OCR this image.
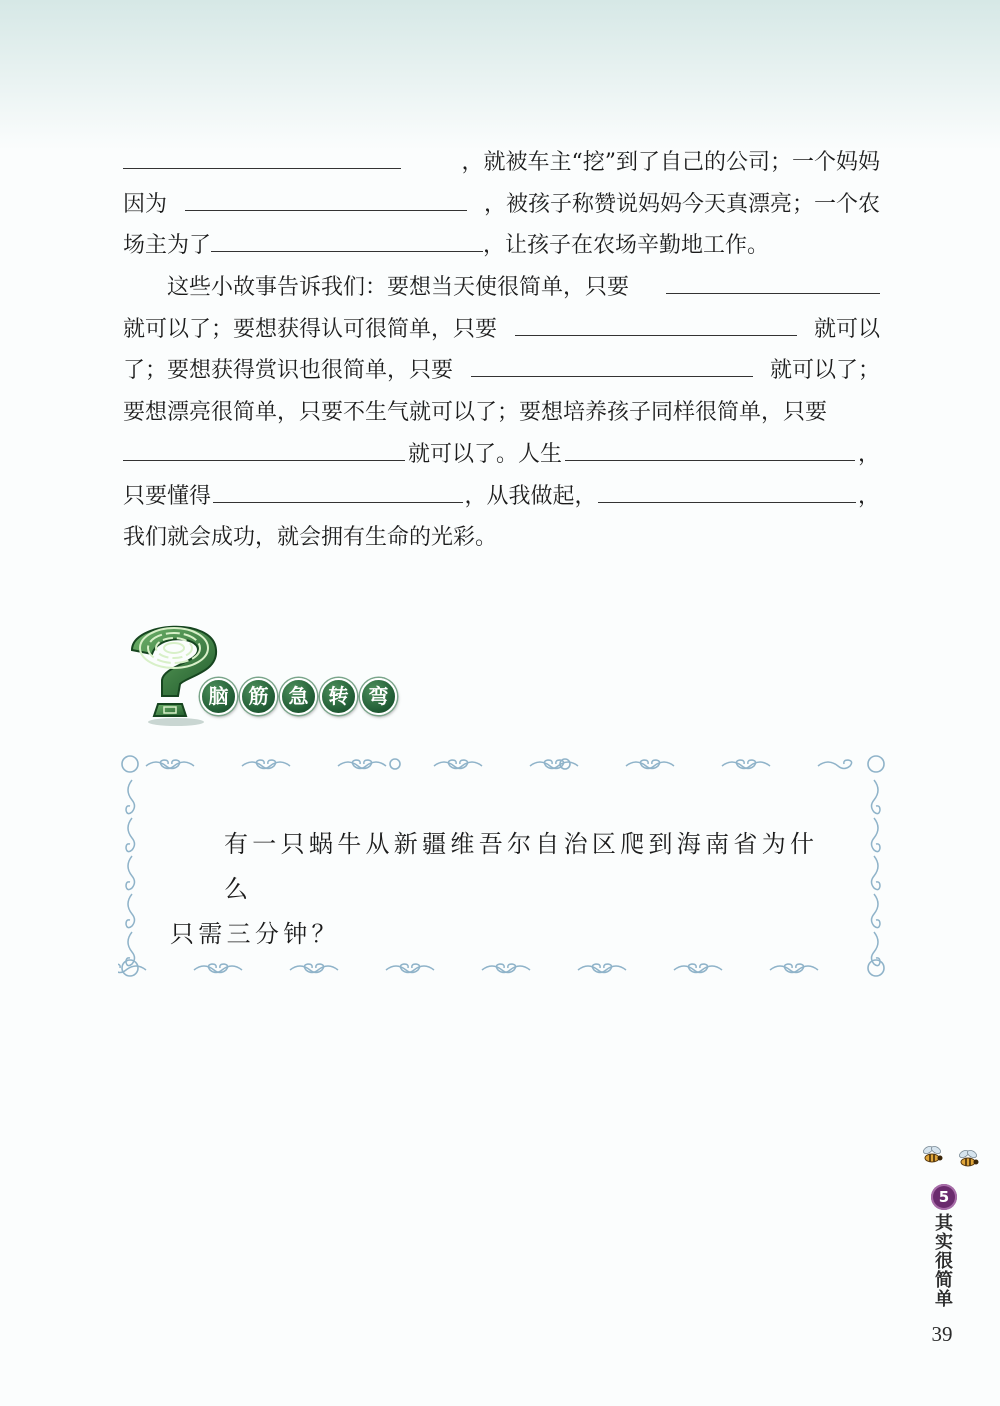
，就被车主“挖”到了自己的公司；一个妈妈
因为	，被孩子称赞说妈妈今天真漂亮；一个农
场主为了	，让孩子在农场辛勤地工作。
这些小故事告诉我们：要想当天使很简单，只要
就可以了；要想获得认可很简单，只要	就可以
了；要想获得赏识也很简单，只要	就可以了；
要想漂亮很简单，只要不生气就可以了；要想培养孩子同样很简单，只要
就可以了。人生	，
只要懂得	，从我做起，	，
我们就会成功，就会拥有生命的光彩。
脑	筋	急	转	弯
有一只蜗牛从新疆维吾尔自治区爬到海南省为什么
只需三分钟？
5
其实很简单
39
